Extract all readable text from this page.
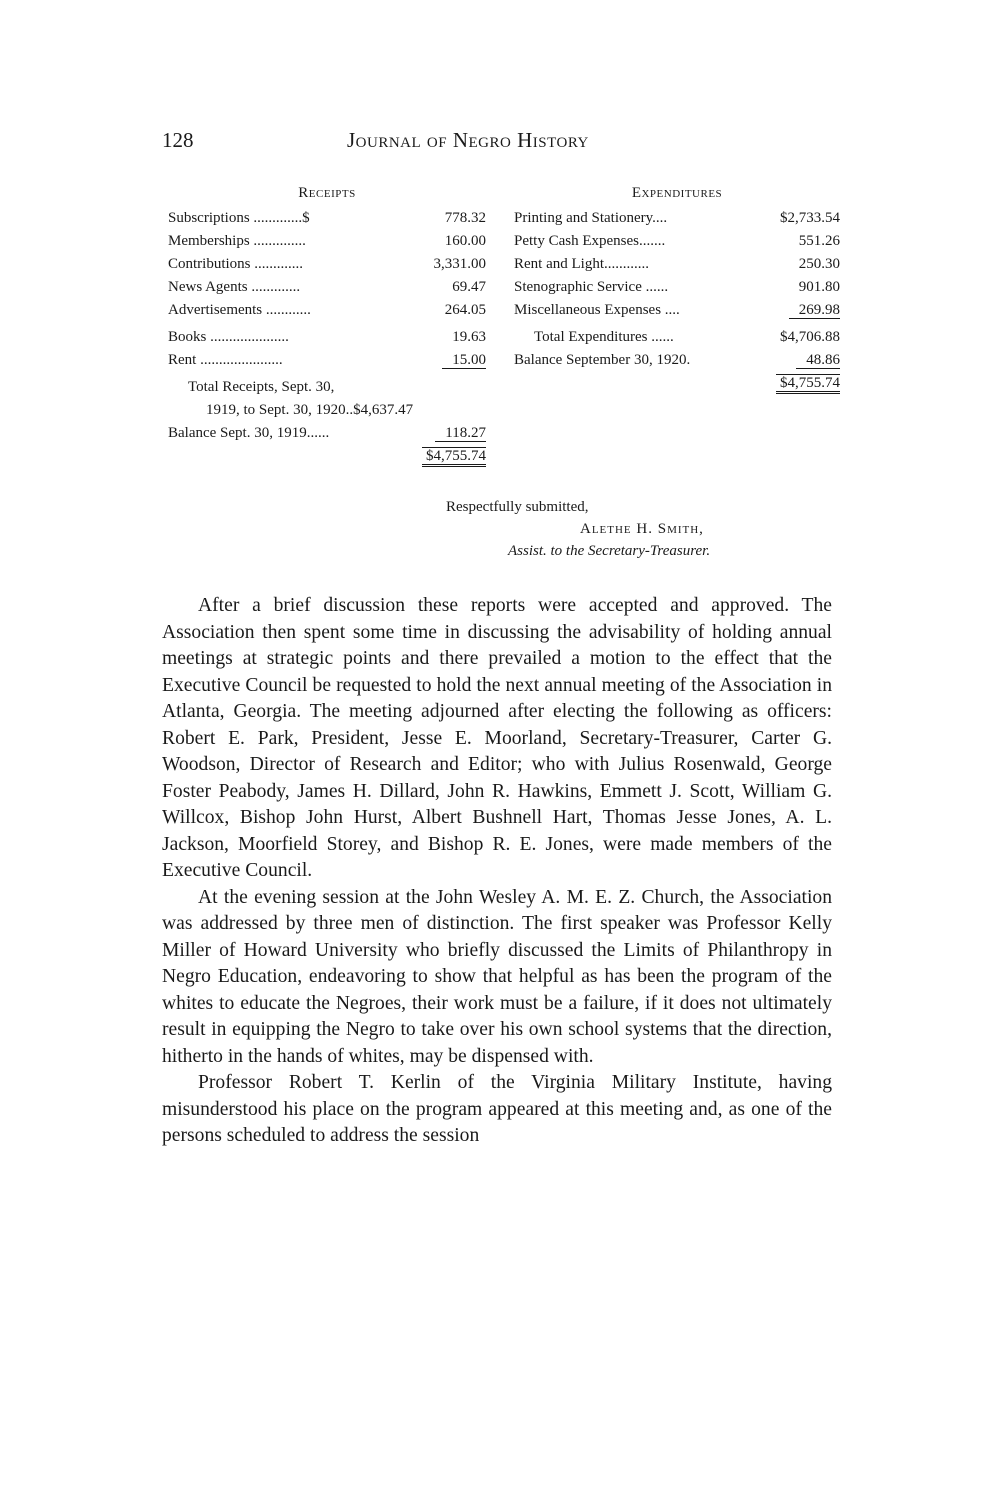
128	Journal of Negro History
Receipts
Subscriptions .............$	778.32
Memberships ..............	160.00
Contributions .............	3,331.00
News Agents .............	69.47
Advertisements ............	264.05
Books .....................	19.63
Rent ......................	15.00
Total Receipts, Sept. 30,
1919, to Sept. 30, 1920..$4,637.47
Balance Sept. 30, 1919......	118.27
$4,755.74
Expenditures
Printing and Stationery....	$2,733.54
Petty Cash Expenses.......	551.26
Rent and Light............	250.30
Stenographic Service ......	901.80
Miscellaneous Expenses ....	269.98
Total Expenditures ......	$4,706.88
Balance September 30, 1920.	48.86
$4,755.74
Respectfully submitted,
Alethe H. Smith,
Assist. to the Secretary-Treasurer.

After a brief discussion these reports were accepted and approved. The Association then spent some time in discussing the advisability of holding annual meetings at strategic points and there prevailed a motion to the effect that the Executive Council be requested to hold the next annual meeting of the Association in Atlanta, Georgia. The meeting adjourned after electing the following as officers: Robert E. Park, President, Jesse E. Moorland, Secretary-Treasurer, Carter G. Woodson, Director of Research and Editor; who with Julius Rosenwald, George Foster Peabody, James H. Dillard, John R. Hawkins, Emmett J. Scott, William G. Willcox, Bishop John Hurst, Albert Bushnell Hart, Thomas Jesse Jones, A. L. Jackson, Moorfield Storey, and Bishop R. E. Jones, were made members of the Executive Council.

At the evening session at the John Wesley A. M. E. Z. Church, the Association was addressed by three men of distinction. The first speaker was Professor Kelly Miller of Howard University who briefly discussed the Limits of Philanthropy in Negro Education, endeavoring to show that helpful as has been the program of the whites to educate the Negroes, their work must be a failure, if it does not ultimately result in equipping the Negro to take over his own school systems that the direction, hitherto in the hands of whites, may be dispensed with.

Professor Robert T. Kerlin of the Virginia Military Institute, having misunderstood his place on the program appeared at this meeting and, as one of the persons scheduled to address the session
